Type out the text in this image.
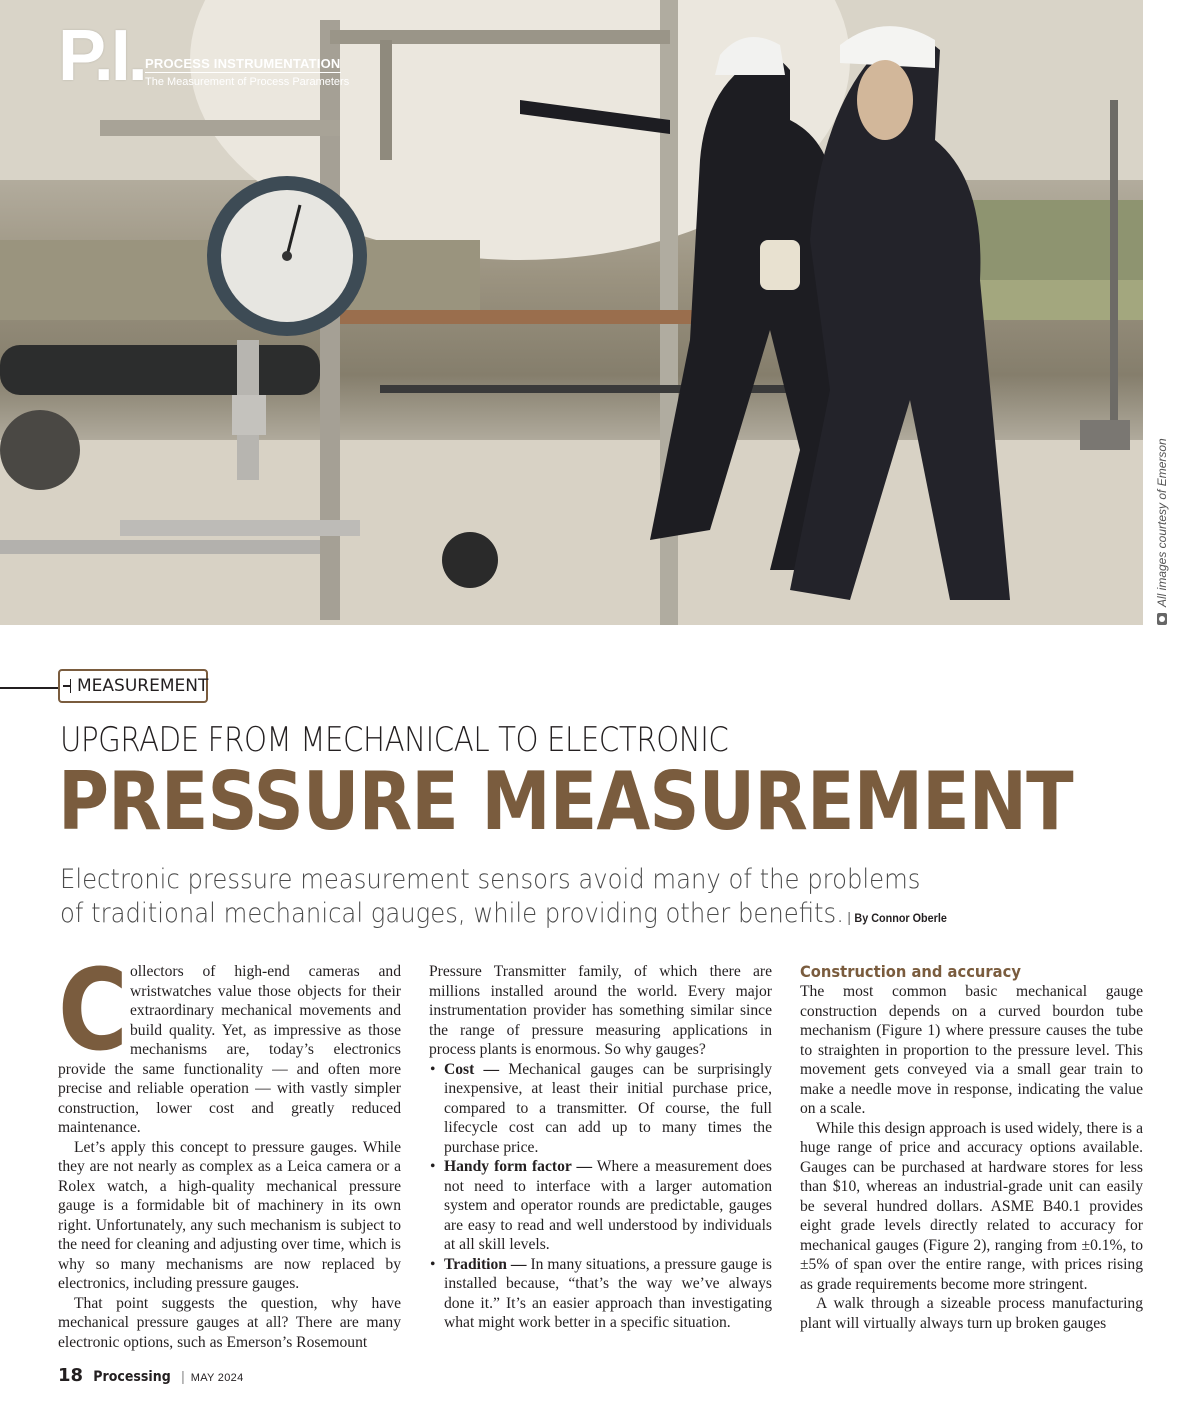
All images courtesy of Emerson
P.I. PROCESS INSTRUMENTATION
The Measurement of Process Parameters
MEASUREMENT
UPGRADE FROM MECHANICAL TO ELECTRONIC
PRESSURE MEASUREMENT
Electronic pressure measurement sensors avoid many of the problems
of traditional mechanical gauges, while providing other benefits. | By Connor Oberle
C ollectors of high-end cameras and wristwatches value those objects for their extraordinary mechanical movements and build quality. Yet, as impressive as those mechanisms are, today’s electronics provide the same functionality — and often more precise and reliable operation — with vastly simpler construction, lower cost and greatly reduced maintenance.

Let’s apply this concept to pressure gauges. While they are not nearly as complex as a Leica camera or a Rolex watch, a high-quality mechanical pressure gauge is a formidable bit of machinery in its own right. Unfortunately, any such mechanism is subject to the need for cleaning and adjusting over time, which is why so many mechanisms are now replaced by electronics, including pressure gauges.

That point suggests the question, why have mechanical pressure gauges at all? There are many electronic options, such as Emerson’s Rosemount

Pressure Transmitter family, of which there are millions installed around the world. Every major instrumentation provider has something similar since the range of pressure measuring applications in process plants is enormous. So why gauges?

• Cost — Mechanical gauges can be surprisingly inexpensive, at least their initial purchase price, compared to a transmitter. Of course, the full lifecycle cost can add up to many times the purchase price.
• Handy form factor — Where a measurement does not need to interface with a larger automation system and operator rounds are predictable, gauges are easy to read and well understood by individuals at all skill levels.
• Tradition — In many situations, a pressure gauge is installed because, “that’s the way we’ve always done it.” It’s an easier approach than investigating what might work better in a specific situation.
Construction and accuracy

The most common basic mechanical gauge construction depends on a curved bourdon tube mechanism (Figure 1) where pressure causes the tube to straighten in proportion to the pressure level. This movement gets conveyed via a small gear train to make a needle move in response, indicating the value on a scale.

While this design approach is used widely, there is a huge range of price and accuracy options available. Gauges can be purchased at hardware stores for less than $10, whereas an industrial-grade unit can easily be several hundred dollars. ASME B40.1 provides eight grade levels directly related to accuracy for mechanical gauges (Figure 2), ranging from ±0.1%, to ±5% of span over the entire range, with prices rising as grade requirements become more stringent.

A walk through a sizeable process manufacturing plant will virtually always turn up broken gauges

18 Processing | MAY 2024
